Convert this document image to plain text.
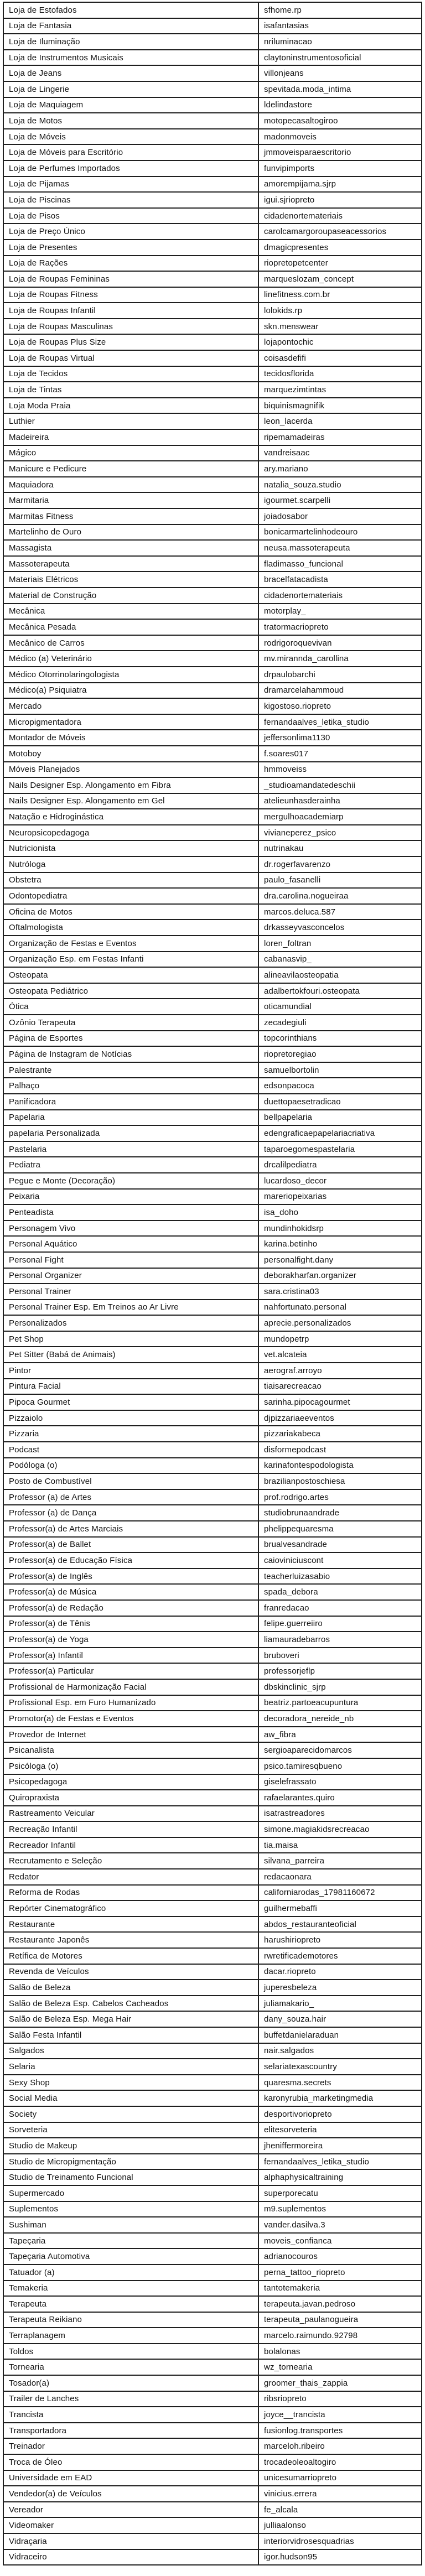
Loja de Estofados	sfhome.rp
Loja de Fantasia	isafantasias
Loja de Iluminação	nriluminacao
Loja de Instrumentos Musicais	claytoninstrumentosoficial
Loja de Jeans	villonjeans
Loja de Lingerie	spevitada.moda_intima
Loja de Maquiagem	ldelindastore
Loja de Motos	motopecasaltogiroo
Loja de Móveis	madonmoveis
Loja de Móveis para Escritório	jmmoveisparaescritorio
Loja de Perfumes Importados	funvipimports
Loja de Pijamas	amorempijama.sjrp
Loja de Piscinas	igui.sjriopreto
Loja de Pisos	cidadenortemateriais
Loja de Preço Único	carolcamargoroupaseacessorios
Loja de Presentes	dmagicpresentes
Loja de Rações	riopretopetcenter
Loja de Roupas Femininas	marqueslozam_concept
Loja de Roupas Fitness	linefitness.com.br
Loja de Roupas Infantil	lolokids.rp
Loja de Roupas Masculinas	skn.menswear
Loja de Roupas Plus Size	lojapontochic
Loja de Roupas Virtual	coisasdefifi
Loja de Tecidos	tecidosflorida
Loja de Tintas	marquezimtintas
Loja Moda Praia	biquinismagnifik
Luthier	leon_lacerda
Madeireira	ripemamadeiras
Mágico	vandreisaac
Manicure e Pedicure	ary.mariano
Maquiadora	natalia_souza.studio
Marmitaria	igourmet.scarpelli
Marmitas Fitness	joiadosabor
Martelinho de Ouro	bonicarmartelinhodeouro
Massagista	neusa.massoterapeuta
Massoterapeuta	fladimasso_funcional
Materiais Elétricos	bracelfatacadista
Material de Construção	cidadenortemateriais
Mecânica	motorplay_
Mecânica Pesada	tratormacriopreto
Mecânico de Carros	rodrigoroquevivan
Médico (a) Veterinário	mv.mirannda_carollina
Médico Otorrinolaringologista	drpaulobarchi
Médico(a) Psiquiatra	dramarcelahammoud
Mercado	kigostoso.riopreto
Micropigmentadora	fernandaalves_letika_studio
Montador de Móveis	jeffersonlima1130
Motoboy	f.soares017
Móveis Planejados	hmmoveiss
Nails Designer Esp. Alongamento em Fibra	_studioamandatedeschii
Nails Designer Esp. Alongamento em Gel	atelieunhasderainha
Natação e Hidroginástica	mergulhoacademiarp
Neuropsicopedagoga	vivianeperez_psico
Nutricionista	nutrinakau
Nutróloga	dr.rogerfavarenzo
Obstetra	paulo_fasanelli
Odontopediatra	dra.carolina.nogueiraa
Oficina de Motos	marcos.deluca.587
Oftalmologista	drkasseyvasconcelos
Organização de Festas e Eventos	loren_foltran
Organização Esp. em Festas Infanti	cabanasvip_
Osteopata	alineavilaosteopatia
Osteopata Pediátrico	adalbertokfouri.osteopata
Ótica	oticamundial
Ozônio Terapeuta	zecadegiuli
Página de Esportes	topcorinthians
Página de Instagram de Notícias	riopretoregiao
Palestrante	samuelbortolin
Palhaço	edsonpacoca
Panificadora	duettopaesetradicao
Papelaria	bellpapelaria
papelaria Personalizada	edengraficaepapelariacriativa
Pastelaria	taparoegomespastelaria
Pediatra	drcalilpediatra
Pegue e Monte (Decoração)	lucardoso_decor
Peixaria	mareriopeixarias
Penteadista	isa_doho
Personagem Vivo	mundinhokidsrp
Personal Aquático	karina.betinho
Personal Fight	personalfight.dany
Personal Organizer	deborakharfan.organizer
Personal Trainer	sara.cristina03
Personal Trainer Esp. Em Treinos ao Ar Livre	nahfortunato.personal
Personalizados	aprecie.personalizados
Pet Shop	mundopetrp
Pet Sitter (Babá de Animais)	vet.alcateia
Pintor	aerograf.arroyo
Pintura Facial	tiaisarecreacao
Pipoca Gourmet	sarinha.pipocagourmet
Pizzaiolo	djpizzariaeeventos
Pizzaria	pizzariakabeca
Podcast	disformepodcast
Podóloga (o)	karinafontespodologista
Posto de Combustível	brazilianpostoschiesa
Professor (a) de Artes	prof.rodrigo.artes
Professor (a) de Dança	studiobrunaandrade
Professor(a) de Artes Marciais	phelippequaresma
Professor(a) de Ballet	brualvesandrade
Professor(a) de Educação Física	caioviniciuscont
Professor(a) de Inglês	teacherluizasabio
Professor(a) de Música	spada_debora
Professor(a) de Redação	franredacao
Professor(a) de Tênis	felipe.guerreiiro
Professor(a) de Yoga	liamauradebarros
Professor(a) Infantil	bruboveri
Professor(a) Particular	professorjeflp
Profissional de Harmonização Facial	dbskinclinic_sjrp
Profissional Esp. em Furo Humanizado	beatriz.partoeacupuntura
Promotor(a) de Festas e Eventos	decoradora_nereide_nb
Provedor de Internet	aw_fibra
Psicanalista	sergioaparecidomarcos
Psicóloga (o)	psico.tamiresqbueno
Psicopedagoga	giselefrassato
Quiropraxista	rafaelarantes.quiro
Rastreamento Veicular	isatrastreadores
Recreação Infantil	simone.magiakidsrecreacao
Recreador Infantil	tia.maisa
Recrutamento e Seleção	silvana_parreira
Redator	redacaonara
Reforma de Rodas	californiarodas_17981160672
Repórter Cinematográfico	guilhermebaffi
Restaurante	abdos_restauranteoficial
Restaurante Japonês	harushiriopreto
Retífica de Motores	rwretificademotores
Revenda de Veículos	dacar.riopreto
Salão de Beleza	juperesbeleza
Salão de Beleza Esp. Cabelos Cacheados	juliamakario_
Salão de Beleza Esp. Mega Hair	dany_souza.hair
Salão Festa Infantil	buffetdanielaraduan
Salgados	nair.salgados
Selaria	selariatexascountry
Sexy Shop	quaresma.secrets
Social Media	karonyrubia_marketingmedia
Society	desportivoriopreto
Sorveteria	elitesorveteria
Studio de Makeup	jheniffermoreira
Studio de Micropigmentação	fernandaalves_letika_studio
Studio de Treinamento Funcional	alphaphysicaltraining
Supermercado	superporecatu
Suplementos	m9.suplementos
Sushiman	vander.dasilva.3
Tapeçaria	moveis_confianca
Tapeçaria Automotiva	adrianocouros
Tatuador (a)	perna_tattoo_riopreto
Temakeria	tantotemakeria
Terapeuta	terapeuta.javan.pedroso
Terapeuta Reikiano	terapeuta_paulanogueira
Terraplanagem	marcelo.raimundo.92798
Toldos	bolalonas
Tornearia	wz_tornearia
Tosador(a)	groomer_thais_zappia
Trailer de Lanches	ribsriopreto
Trancista	joyce__trancista
Transportadora	fusionlog.transportes
Treinador	marceloh.ribeiro
Troca de Óleo	trocadeoleoaltogiro
Universidade em EAD	unicesumarriopreto
Vendedor(a) de Veículos	vinicius.errera
Vereador	fe_alcala
Videomaker	julliaalonso
Vidraçaria	interiorvidrosesquadrias
Vidraceiro	igor.hudson95
